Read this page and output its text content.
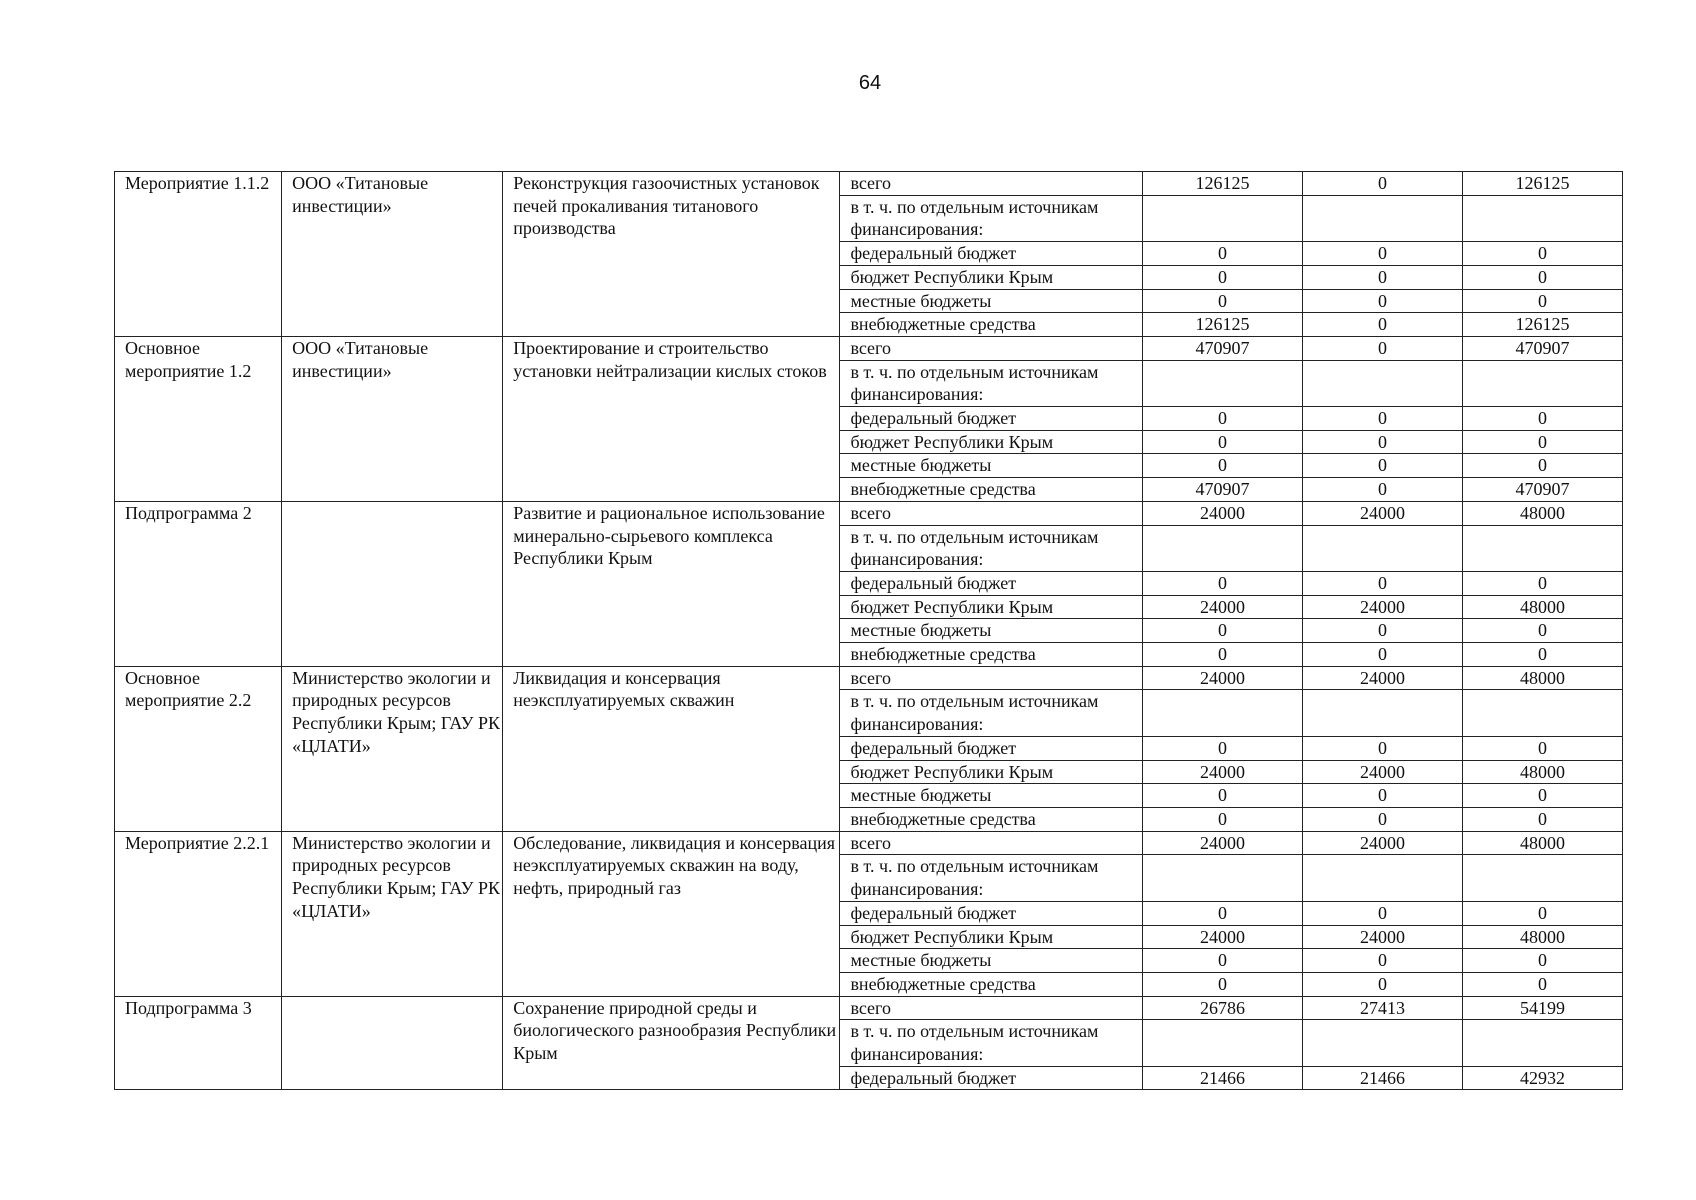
64
Мероприятие 1.1.2	ООО «Титановые инвестиции»	Реконструкция газоочистных установок печей прокаливания титанового производства	всего	126125	0	126125
			в т. ч. по отдельным источникам финансирования:			
			федеральный бюджет	0	0	0
			бюджет Республики Крым	0	0	0
			местные бюджеты	0	0	0
			внебюджетные средства	126125	0	126125
Основное мероприятие 1.2	ООО «Титановые инвестиции»	Проектирование и строительство установки нейтрализации кислых стоков	всего	470907	0	470907
			в т. ч. по отдельным источникам финансирования:			
			федеральный бюджет	0	0	0
			бюджет Республики Крым	0	0	0
			местные бюджеты	0	0	0
			внебюджетные средства	470907	0	470907
Подпрограмма 2		Развитие и рациональное использование минерально-сырьевого комплекса Республики Крым	всего	24000	24000	48000
			в т. ч. по отдельным источникам финансирования:			
			федеральный бюджет	0	0	0
			бюджет Республики Крым	24000	24000	48000
			местные бюджеты	0	0	0
			внебюджетные средства	0	0	0
Основное мероприятие 2.2	Министерство экологии и природных ресурсов Республики Крым; ГАУ РК «ЦЛАТИ»	Ликвидация и консервация неэксплуатируемых скважин	всего	24000	24000	48000
			в т. ч. по отдельным источникам финансирования:			
			федеральный бюджет	0	0	0
			бюджет Республики Крым	24000	24000	48000
			местные бюджеты	0	0	0
			внебюджетные средства	0	0	0
Мероприятие 2.2.1	Министерство экологии и природных ресурсов Республики Крым; ГАУ РК «ЦЛАТИ»	Обследование, ликвидация и консервация неэксплуатируемых скважин на воду, нефть, природный газ	всего	24000	24000	48000
			в т. ч. по отдельным источникам финансирования:			
			федеральный бюджет	0	0	0
			бюджет Республики Крым	24000	24000	48000
			местные бюджеты	0	0	0
			внебюджетные средства	0	0	0
Подпрограмма 3		Сохранение природной среды и биологического разнообразия Республики Крым	всего	26786	27413	54199
			в т. ч. по отдельным источникам финансирования:			
			федеральный бюджет	21466	21466	42932
